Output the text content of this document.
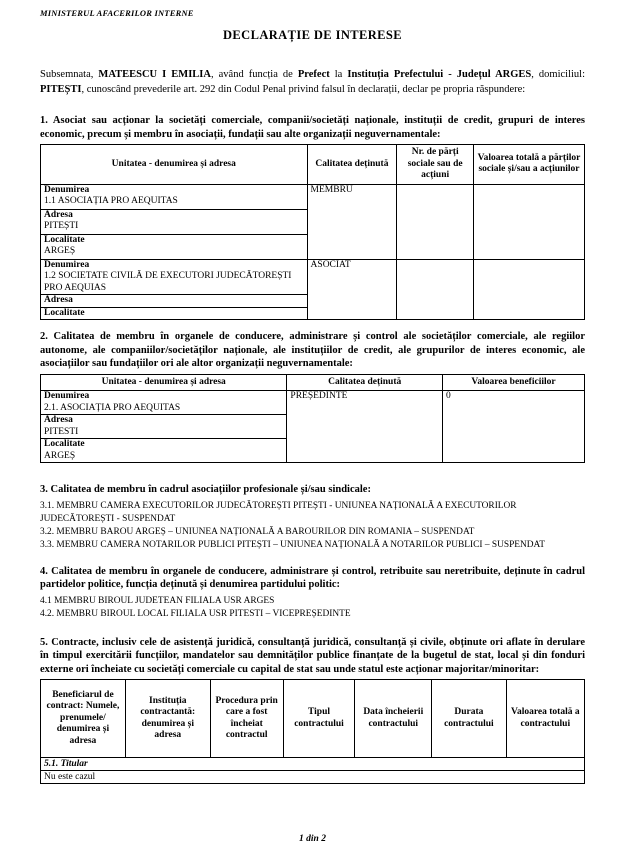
MINISTERUL AFACERILOR INTERNE
DECLARAȚIE DE INTERESE

Subsemnata, MATEESCU I EMILIA, având funcția de Prefect la Instituția Prefectului - Județul ARGES, domiciliul: PITEȘTI, cunoscând prevederile art. 292 din Codul Penal privind falsul în declarații, declar pe propria răspundere:

1. Asociat sau acționar la societăți comerciale, companii/societăți naționale, instituții de credit, grupuri de interes economic, precum și membru în asociații, fundații sau alte organizații neguvernamentale:
Unitatea - denumirea și adresa	Calitatea deținută	Nr. de părți sociale sau de acțiuni	Valoarea totală a părților sociale și/sau a acțiunilor

Denumirea
1.1 ASOCIAȚIA PRO AEQUITAS	MEMBRU		

Adresa
PITEȘTI			

Localitate
ARGEȘ			

Denumirea
1.2 SOCIETATE CIVILĂ DE EXECUTORI JUDECĂTOREȘTI PRO AEQUIAS	ASOCIAT		

Adresa			

Localitate			
2. Calitatea de membru în organele de conducere, administrare și control ale societăților comerciale, ale regiilor autonome, ale companiilor/societăților naționale, ale instituțiilor de credit, ale grupurilor de interes economic, ale asociațiilor sau fundațiilor ori ale altor organizații neguvernamentale:
Unitatea - denumirea și adresa	Calitatea deținută	Valoarea beneficiilor

Denumirea
2.1. ASOCIAȚIA PRO AEQUITAS	PREȘEDINTE	0

Adresa
PITESTI		

Localitate
ARGEȘ		
3. Calitatea de membru în cadrul asociațiilor profesionale și/sau sindicale:
3.1. MEMBRU CAMERA EXECUTORILOR JUDECĂTOREȘTI PITEȘTI - UNIUNEA NAȚIONALĂ A EXECUTORILOR JUDECĂTOREȘTI - SUSPENDAT
3.2. MEMBRU BAROU ARGEȘ – UNIUNEA NAȚIONALĂ A BAROURILOR DIN ROMANIA – SUSPENDAT
3.3. MEMBRU CAMERA NOTARILOR PUBLICI PITEȘTI – UNIUNEA NAȚIONALĂ A NOTARILOR PUBLICI – SUSPENDAT
4. Calitatea de membru în organele de conducere, administrare și control, retribuite sau neretribuite, deținute în cadrul partidelor politice, funcția deținută și denumirea partidului politic:
4.1 MEMBRU BIROUL JUDETEAN FILIALA USR ARGES
4.2. MEMBRU BIROUL LOCAL FILIALA USR PITESTI – VICEPREȘEDINTE
5. Contracte, inclusiv cele de asistență juridică, consultanță juridică, consultanță și civile, obținute ori aflate în derulare în timpul exercitării funcțiilor, mandatelor sau demnităților publice finanțate de la bugetul de stat, local și din fonduri externe ori încheiate cu societăți comerciale cu capital de stat sau unde statul este acționar majoritar/minoritar:
Beneficiarul de contract: Numele, prenumele/ denumirea și adresa	Instituția contractantă: denumirea și adresa	Procedura prin care a fost încheiat contractul	Tipul contractului	Data încheierii contractului	Durata contractului	Valoarea totală a contractului
5.1. Titular
Nu este cazul
1 din 2
